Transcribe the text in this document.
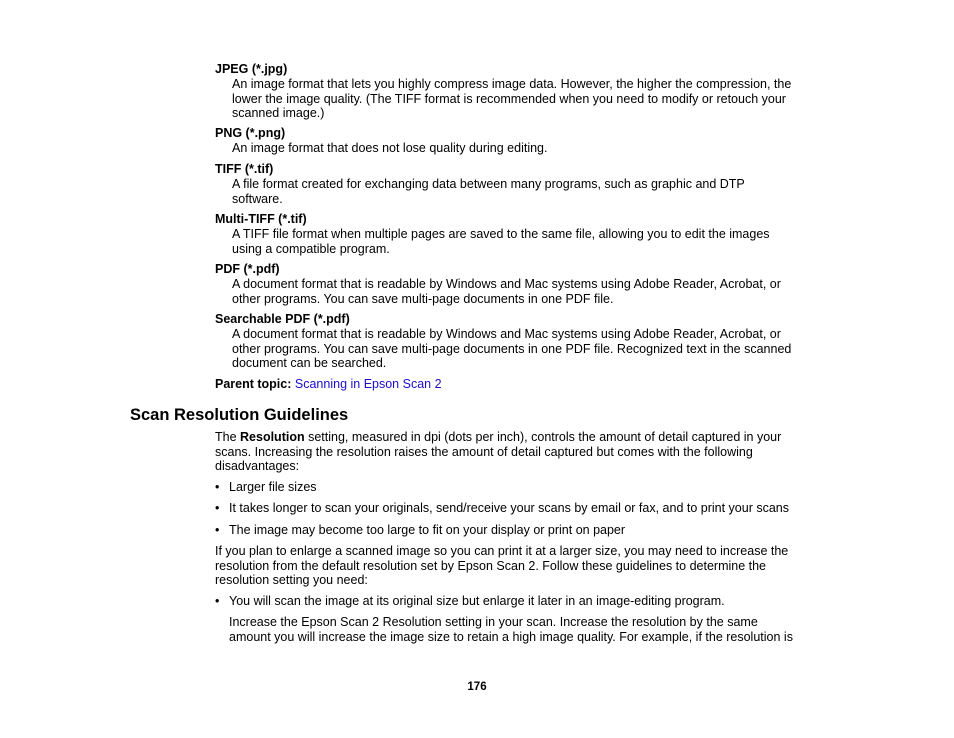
JPEG (*.jpg)
An image format that lets you highly compress image data. However, the higher the compression, the
lower the image quality. (The TIFF format is recommended when you need to modify or retouch your
scanned image.)
PNG (*.png)
An image format that does not lose quality during editing.
TIFF (*.tif)
A file format created for exchanging data between many programs, such as graphic and DTP
software.
Multi-TIFF (*.tif)
A TIFF file format when multiple pages are saved to the same file, allowing you to edit the images
using a compatible program.
PDF (*.pdf)
A document format that is readable by Windows and Mac systems using Adobe Reader, Acrobat, or
other programs. You can save multi-page documents in one PDF file.
Searchable PDF (*.pdf)
A document format that is readable by Windows and Mac systems using Adobe Reader, Acrobat, or
other programs. You can save multi-page documents in one PDF file. Recognized text in the scanned
document can be searched.
Parent topic: Scanning in Epson Scan 2
Scan Resolution Guidelines
The Resolution setting, measured in dpi (dots per inch), controls the amount of detail captured in your
scans. Increasing the resolution raises the amount of detail captured but comes with the following
disadvantages:
• Larger file sizes
• It takes longer to scan your originals, send/receive your scans by email or fax, and to print your scans
• The image may become too large to fit on your display or print on paper
If you plan to enlarge a scanned image so you can print it at a larger size, you may need to increase the
resolution from the default resolution set by Epson Scan 2. Follow these guidelines to determine the
resolution setting you need:
• You will scan the image at its original size but enlarge it later in an image-editing program.
Increase the Epson Scan 2 Resolution setting in your scan. Increase the resolution by the same
amount you will increase the image size to retain a high image quality. For example, if the resolution is
176
